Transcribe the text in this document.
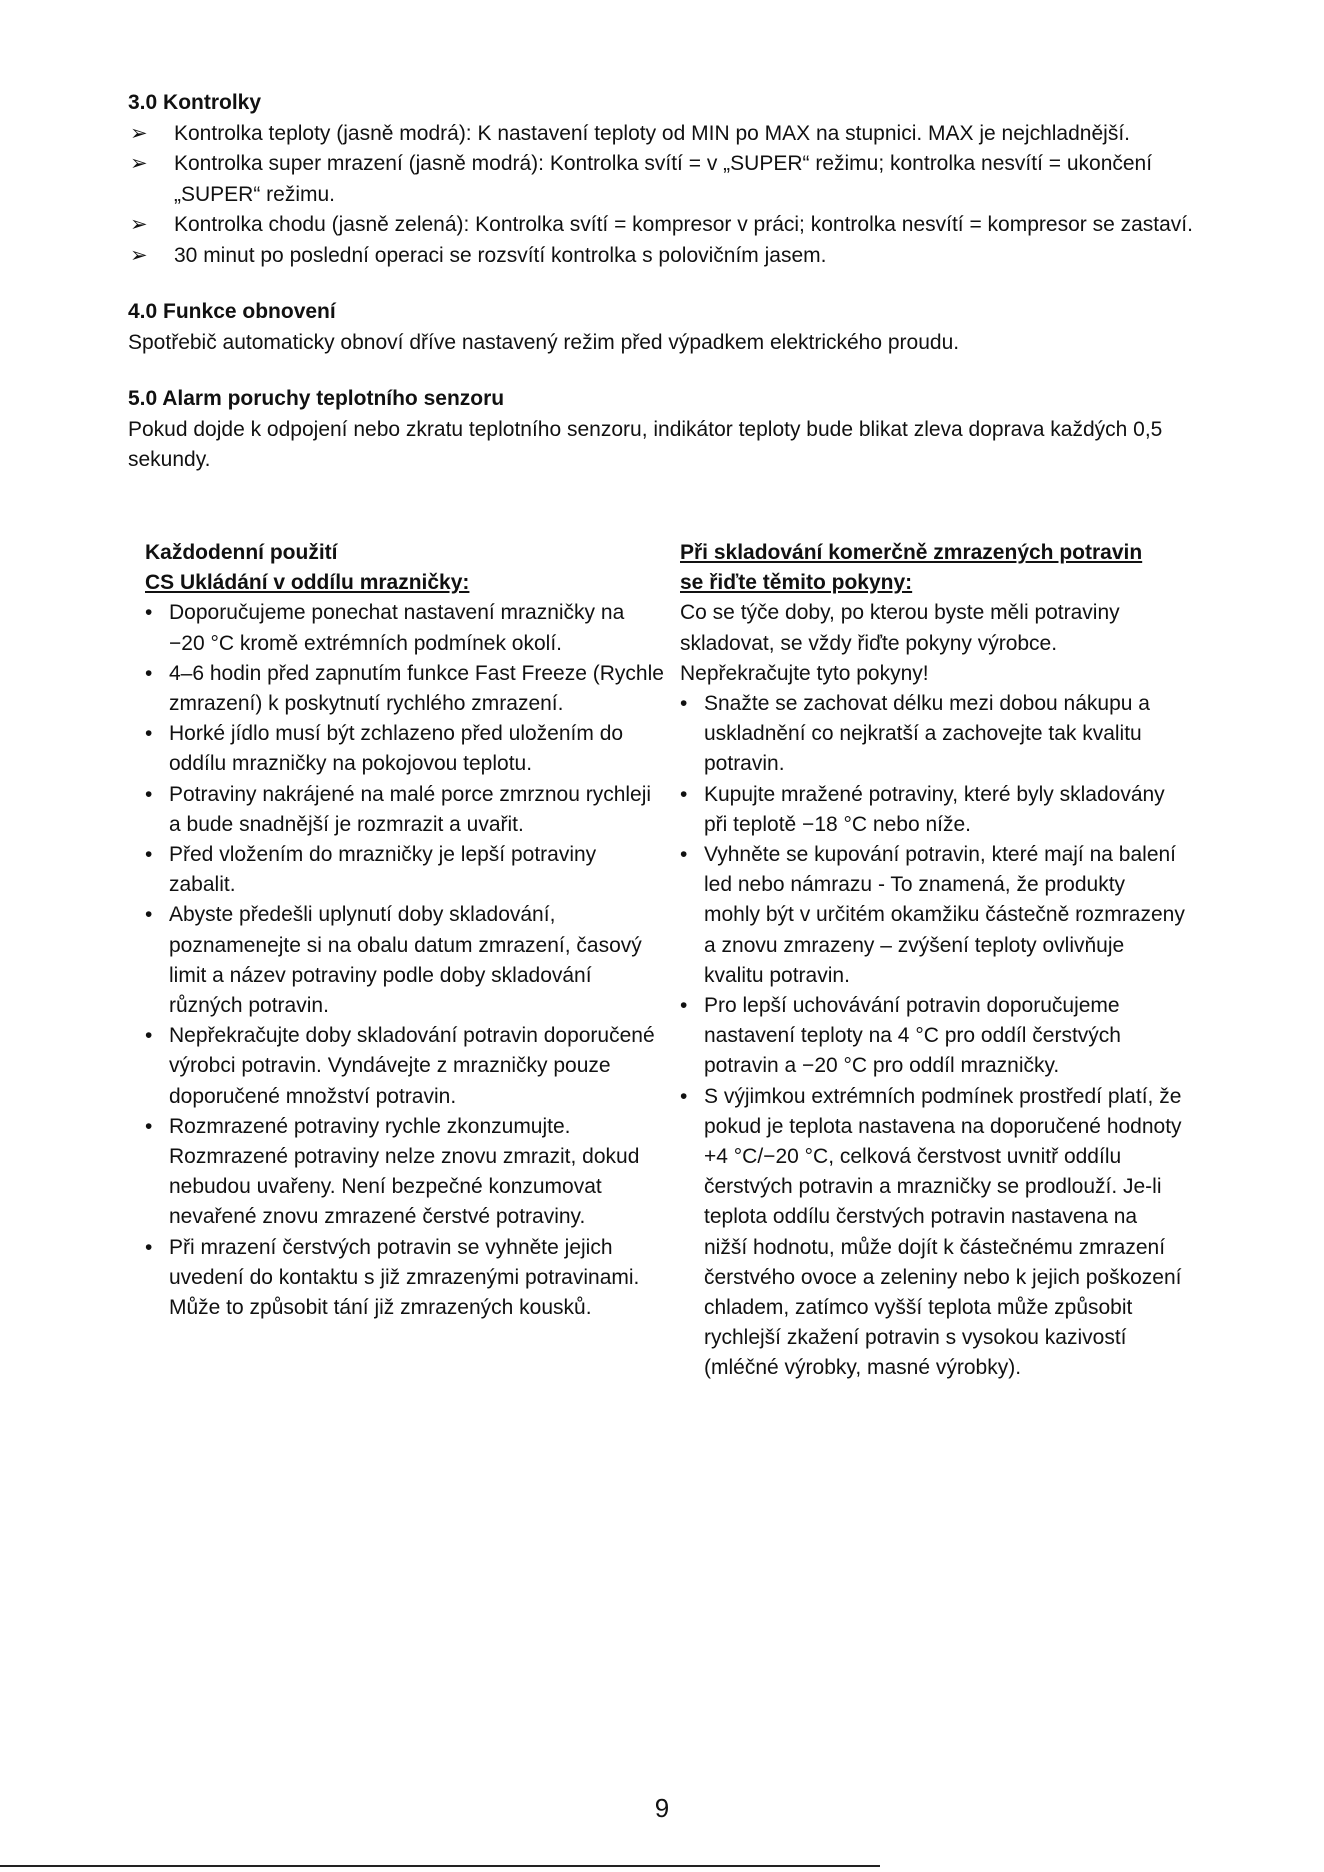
3.0 Kontrolky
➢	Kontrolka teploty (jasně modrá): K nastavení teploty od MIN po MAX na stupnici. MAX je nejchladnější.
➢	Kontrolka super mrazení (jasně modrá): Kontrolka svítí = v „SUPER“ režimu; kontrolka nesvítí = ukončení „SUPER“ režimu.
➢	Kontrolka chodu (jasně zelená): Kontrolka svítí = kompresor v práci; kontrolka nesvítí = kompresor se zastaví.
➢	30 minut po poslední operaci se rozsvítí kontrolka s polovičním jasem.
4.0 Funkce obnovení
Spotřebič automaticky obnoví dříve nastavený režim před výpadkem elektrického proudu.
5.0 Alarm poruchy teplotního senzoru
Pokud dojde k odpojení nebo zkratu teplotního senzoru, indikátor teploty bude blikat zleva doprava každých 0,5 sekundy.
Každodenní použití
CS Ukládání v oddílu mrazničky:
• Doporučujeme ponechat nastavení mrazničky na −20 °C kromě extrémních podmínek okolí.
• 4–6 hodin před zapnutím funkce Fast Freeze (Rychle zmrazení) k poskytnutí rychlého zmrazení.
• Horké jídlo musí být zchlazeno před uložením do oddílu mrazničky na pokojovou teplotu.
• Potraviny nakrájené na malé porce zmrznou rychleji a bude snadnější je rozmrazit a uvařit.
• Před vložením do mrazničky je lepší potraviny zabalit.
• Abyste předešli uplynutí doby skladování, poznamenejte si na obalu datum zmrazení, časový limit a název potraviny podle doby skladování různých potravin.
• Nepřekračujte doby skladování potravin doporučené výrobci potravin. Vyndávejte z mrazničky pouze doporučené množství potravin.
• Rozmrazené potraviny rychle zkonzumujte. Rozmrazené potraviny nelze znovu zmrazit, dokud nebudou uvařeny. Není bezpečné konzumovat nevařené znovu zmrazené čerstvé potraviny.
• Při mrazení čerstvých potravin se vyhněte jejich uvedení do kontaktu s již zmrazenými potravinami. Může to způsobit tání již zmrazených kousků.
Při skladování komerčně zmrazených potravin
se řiďte těmito pokyny:
Co se týče doby, po kterou byste měli potraviny skladovat, se vždy řiďte pokyny výrobce. Nepřekračujte tyto pokyny!
• Snažte se zachovat délku mezi dobou nákupu a uskladnění co nejkratší a zachovejte tak kvalitu potravin.
• Kupujte mražené potraviny, které byly skladovány při teplotě −18 °C nebo níže.
• Vyhněte se kupování potravin, které mají na balení led nebo námrazu - To znamená, že produkty mohly být v určitém okamžiku částečně rozmrazeny a znovu zmrazeny – zvýšení teploty ovlivňuje kvalitu potravin.
• Pro lepší uchovávání potravin doporučujeme nastavení teploty na 4 °C pro oddíl čerstvých potravin a −20 °C pro oddíl mrazničky.
• S výjimkou extrémních podmínek prostředí platí, že pokud je teplota nastavena na doporučené hodnoty +4 °C/−20 °C, celková čerstvost uvnitř oddílu čerstvých potravin a mrazničky se prodlouží. Je-li teplota oddílu čerstvých potravin nastavena na nižší hodnotu, může dojít k částečnému zmrazení čerstvého ovoce a zeleniny nebo k jejich poškození chladem, zatímco vyšší teplota může způsobit rychlejší zkažení potravin s vysokou kazivostí (mléčné výrobky, masné výrobky).
9
